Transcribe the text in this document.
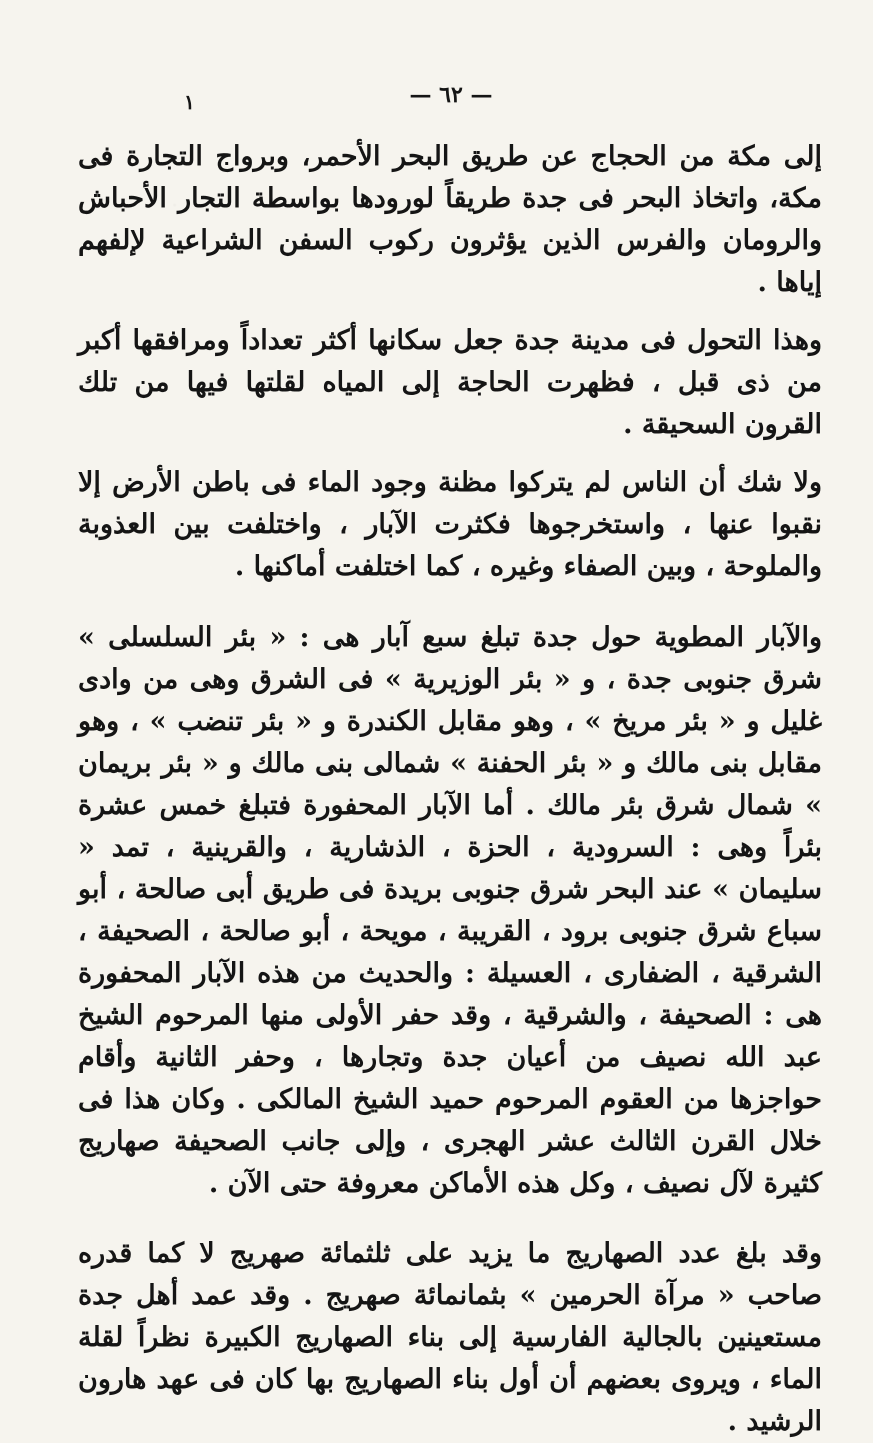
— ٦٢ —
١

إلى مكة من الحجاج عن طريق البحر الأحمر، وبرواج التجارة فى مكة، واتخاذ البحر فى جدة طريقاً لورودها بواسطة التجار الأحباش والرومان والفرس الذين يؤثرون ركوب السفن الشراعية لإلفهم إياها .

وهذا التحول فى مدينة جدة جعل سكانها أكثر تعداداً ومرافقها أكبر من ذى قبل ، فظهرت الحاجة إلى المياه لقلتها فيها من تلك القرون السحيقة .

ولا شك أن الناس لم يتركوا مظنة وجود الماء فى باطن الأرض إلا نقبوا عنها ، واستخرجوها فكثرت الآبار ، واختلفت بين العذوبة والملوحة ، وبين الصفاء وغيره ، كما اختلفت أماكنها .

والآبار المطوية حول جدة تبلغ سبع آبار هى : « بئر السلسلى » شرق جنوبى جدة ، و « بئر الوزيرية » فى الشرق وهى من وادى غليل و « بئر مريخ » ، وهو مقابل الكندرة و « بئر تنضب » ، وهو مقابل بنى مالك و « بئر الحفنة » شمالى بنى مالك و « بئر بريمان » شمال شرق بئر مالك . أما الآبار المحفورة فتبلغ خمس عشرة بئراً وهى : السرودية ، الحزة ، الذشارية ، والقرينية ، تمد « سليمان » عند البحر شرق جنوبى بريدة فى طريق أبى صالحة ، أبو سباع شرق جنوبى برود ، القريبة ، مويحة ، أبو صالحة ، الصحيفة ، الشرقية ، الضفارى ، العسيلة : والحديث من هذه الآبار المحفورة هى : الصحيفة ، والشرقية ، وقد حفر الأولى منها المرحوم الشيخ عبد الله نصيف من أعيان جدة وتجارها ، وحفر الثانية وأقام حواجزها من العقوم المرحوم حميد الشيخ المالكى . وكان هذا فى خلال القرن الثالث عشر الهجرى ، وإلى جانب الصحيفة صهاريج كثيرة لآل نصيف ، وكل هذه الأماكن معروفة حتى الآن .

وقد بلغ عدد الصهاريج ما يزيد على ثلثمائة صهريج لا كما قدره صاحب « مرآة الحرمين » بثمانمائة صهريج . وقد عمد أهل جدة مستعينين بالجالية الفارسية إلى بناء الصهاريج الكبيرة نظراً لقلة الماء ، ويروى بعضهم أن أول بناء الصهاريج بها كان فى عهد هارون الرشيد .
